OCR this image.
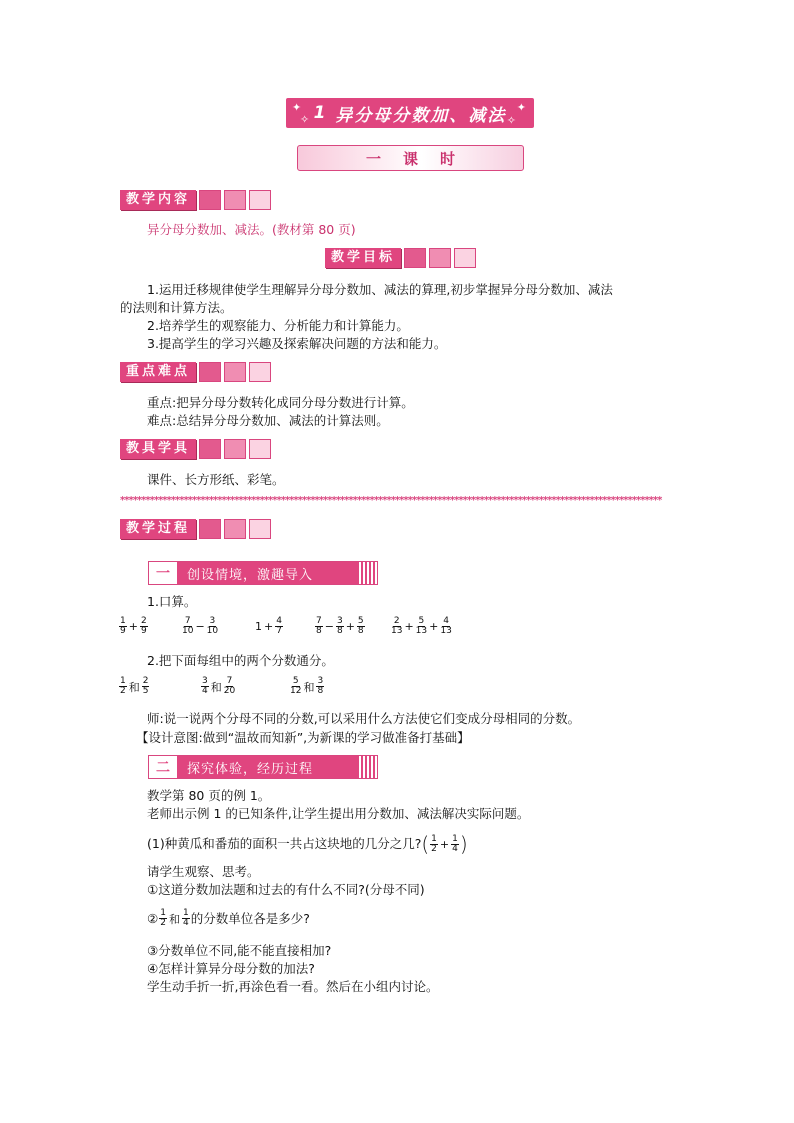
✦
✧
✦
✧
1 异分母分数加、减法
一课时
教学内容
异分母分数加、减法。(教材第 80 页)
教学目标
1.运用迁移规律使学生理解异分母分数加、减法的算理,初步掌握异分母分数加、减法
的法则和计算方法。
2.培养学生的观察能力、分析能力和计算能力。
3.提高学生的学习兴趣及探索解决问题的方法和能力。
重点难点
重点:把异分母分数转化成同分母分数进行计算。
难点:总结异分母分数加、减法的计算法则。
教具学具
课件、长方形纸、彩笔。
********************************************************************************************************************************
教学过程
一	创设情境，激趣导入
1.口算。
$\frac{1}{9} + \frac{2}{9}$	$\frac{7}{10} - \frac{3}{10}$	$1 + \frac{4}{7}$	$\frac{7}{8} - \frac{3}{8} + \frac{5}{8}$	$\frac{2}{13} + \frac{5}{13} + \frac{4}{13}$
2.把下面每组中的两个分数通分。
$\frac{1}{2}$ 和 $\frac{2}{5}$	$\frac{3}{4}$ 和 $\frac{7}{20}$	$\frac{5}{12}$ 和 $\frac{3}{8}$
师:说一说两个分母不同的分数,可以采用什么方法使它们变成分母相同的分数。
【设计意图:做到“温故而知新”,为新课的学习做准备打基础】
二	探究体验，经历过程
教学第 80 页的例 1。
老师出示例 1 的已知条件,让学生提出用分数加、减法解决实际问题。
(1)种黄瓜和番茄的面积一共占这块地的几分之几? ( $\frac{1}{2} + \frac{1}{4}$ )
请学生观察、思考。
①这道分数加法题和过去的有什么不同?(分母不同)
② $\frac{1}{2}$ 和 $\frac{1}{4}$ 的分数单位各是多少?
③分数单位不同,能不能直接相加?
④怎样计算异分母分数的加法?
学生动手折一折,再涂色看一看。然后在小组内讨论。
